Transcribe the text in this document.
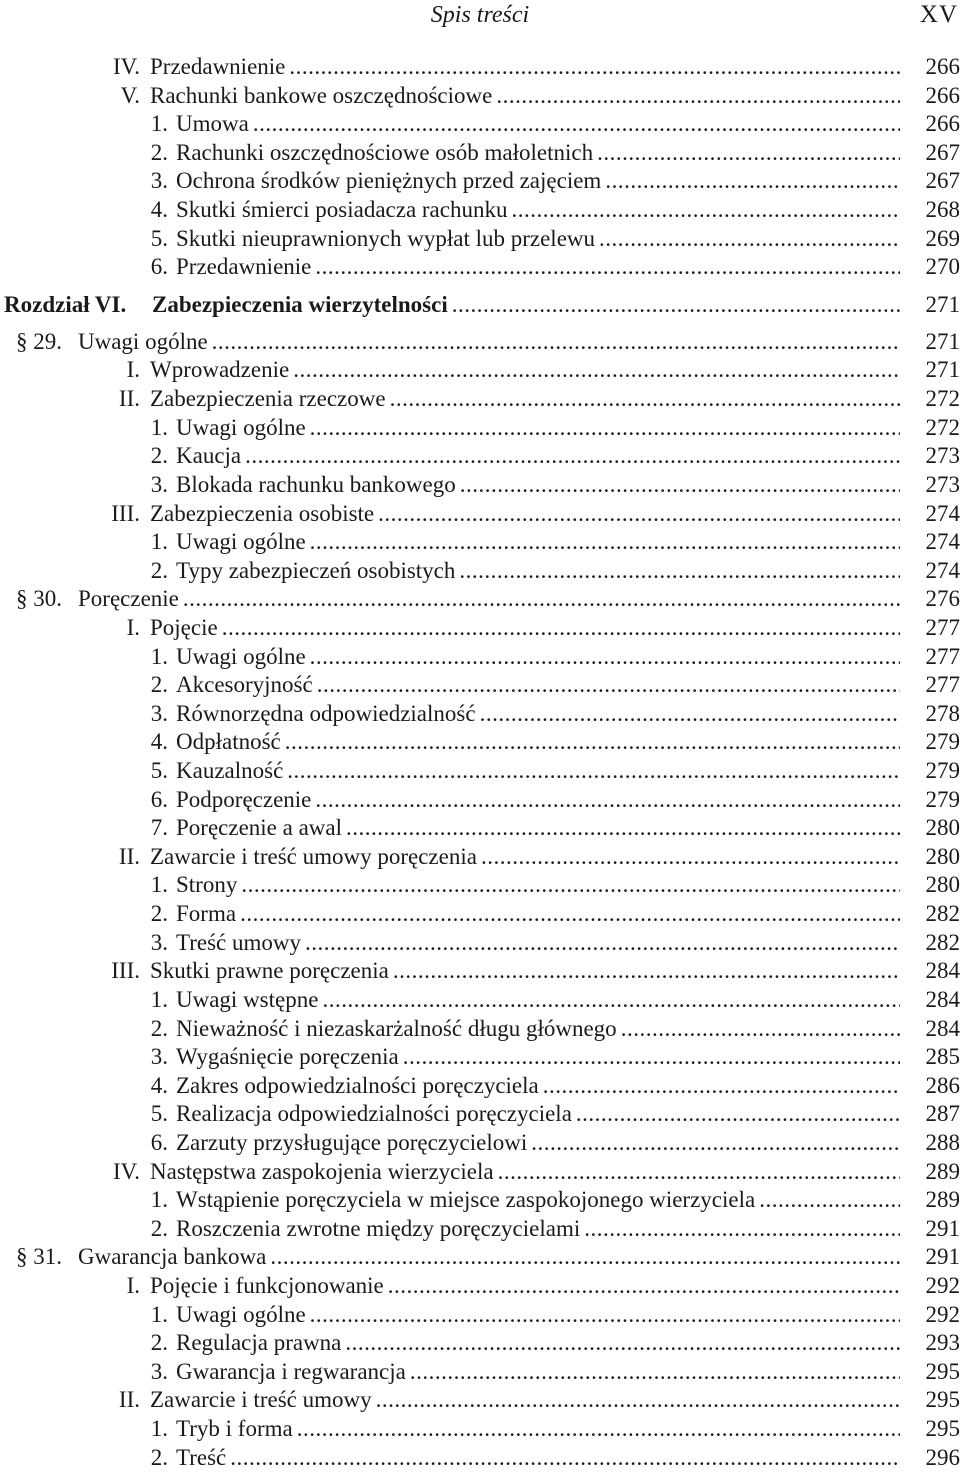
Spis treści	XV
IV. Przedawnienie .....	266
V. Rachunki bankowe oszczędnościowe .....	266
1. Umowa .....	266
2. Rachunki oszczędnościowe osób małoletnich .....	267
3. Ochrona środków pieniężnych przed zajęciem .....	267
4. Skutki śmierci posiadacza rachunku .....	268
5. Skutki nieuprawnionych wypłat lub przelewu .....	269
6. Przedawnienie .....	270
Rozdział VI. Zabezpieczenia wierzytelności .....	271
§ 29. Uwagi ogólne .....	271
I. Wprowadzenie .....	271
II. Zabezpieczenia rzeczowe .....	272
1. Uwagi ogólne .....	272
2. Kaucja .....	273
3. Blokada rachunku bankowego .....	273
III. Zabezpieczenia osobiste .....	274
1. Uwagi ogólne .....	274
2. Typy zabezpieczeń osobistych .....	274
§ 30. Poręczenie .....	276
I. Pojęcie .....	277
1. Uwagi ogólne .....	277
2. Akcesoryjność .....	277
3. Równorzędna odpowiedzialność .....	278
4. Odpłatność .....	279
5. Kauzalność .....	279
6. Podporęczenie .....	279
7. Poręczenie a awal .....	280
II. Zawarcie i treść umowy poręczenia .....	280
1. Strony .....	280
2. Forma .....	282
3. Treść umowy .....	282
III. Skutki prawne poręczenia .....	284
1. Uwagi wstępne .....	284
2. Nieważność i niezaskarżalność długu głównego .....	284
3. Wygaśnięcie poręczenia .....	285
4. Zakres odpowiedzialności poręczyciela .....	286
5. Realizacja odpowiedzialności poręczyciela .....	287
6. Zarzuty przysługujące poręczycielowi .....	288
IV. Następstwa zaspokojenia wierzyciela .....	289
1. Wstąpienie poręczyciela w miejsce zaspokojonego wierzyciela .....	289
2. Roszczenia zwrotne między poręczycielami .....	291
§ 31. Gwarancja bankowa .....	291
I. Pojęcie i funkcjonowanie .....	292
1. Uwagi ogólne .....	292
2. Regulacja prawna .....	293
3. Gwarancja i regwarancja .....	295
II. Zawarcie i treść umowy .....	295
1. Tryb i forma .....	295
2. Treść .....	296
